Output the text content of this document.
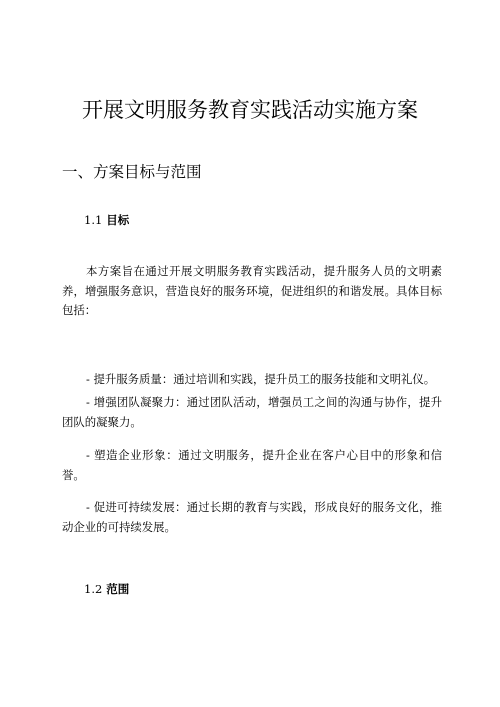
开展文明服务教育实践活动实施方案
一、方案目标与范围
1.1 目标

本方案旨在通过开展文明服务教育实践活动，提升服务人员的文明素养，增强服务意识，营造良好的服务环境，促进组织的和谐发展。具体目标包括：

- 提升服务质量：通过培训和实践，提升员工的服务技能和文明礼仪。

- 增强团队凝聚力：通过团队活动，增强员工之间的沟通与协作，提升团队的凝聚力。

- 塑造企业形象：通过文明服务，提升企业在客户心目中的形象和信誉。

- 促进可持续发展：通过长期的教育与实践，形成良好的服务文化，推动企业的可持续发展。

1.2 范围
